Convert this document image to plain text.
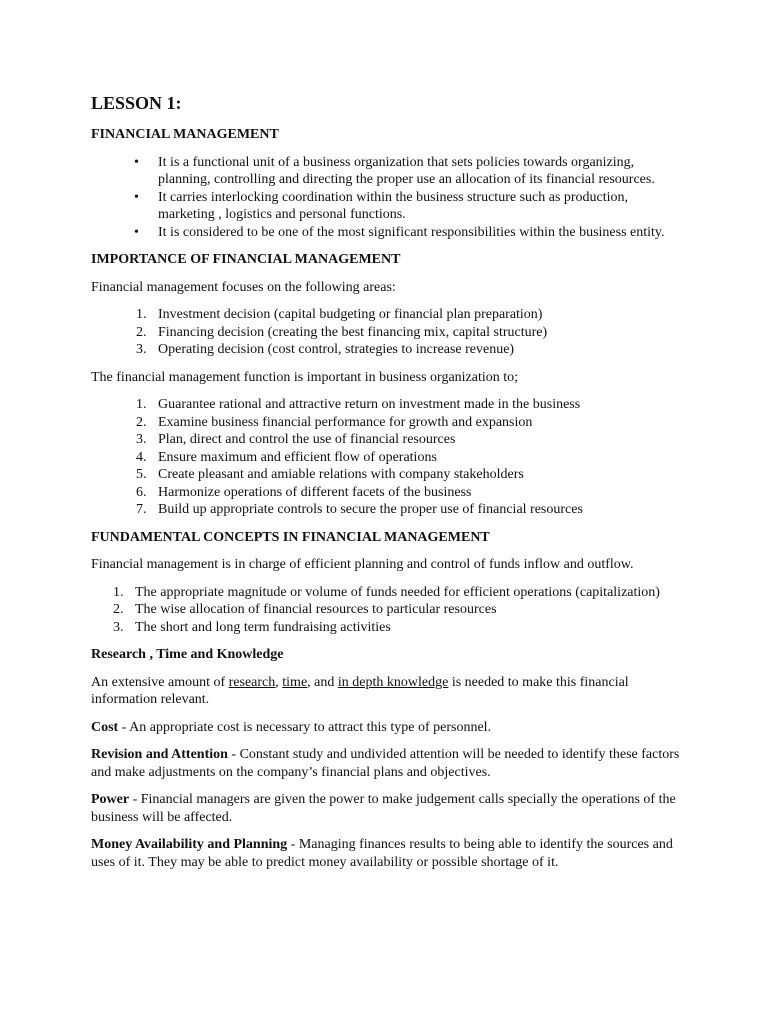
LESSON 1:
FINANCIAL MANAGEMENT
• It is a functional unit of a business organization that sets policies towards organizing, planning, controlling and directing the proper use an allocation of its financial resources.
• It carries interlocking coordination within the business structure such as production, marketing , logistics and personal functions.
• It is considered to be one of the most significant responsibilities within the business entity.
IMPORTANCE OF FINANCIAL MANAGEMENT

Financial management focuses on the following areas:

1. Investment decision (capital budgeting or financial plan preparation)
2. Financing decision (creating the best financing mix, capital structure)
3. Operating decision (cost control, strategies to increase revenue)

The financial management function is important in business organization to;

1. Guarantee rational and attractive return on investment made in the business
2. Examine business financial performance for growth and expansion
3. Plan, direct and control the use of financial resources
4. Ensure maximum and efficient flow of operations
5. Create pleasant and amiable relations with company stakeholders
6. Harmonize operations of different facets of the business
7. Build up appropriate controls to secure the proper use of financial resources
FUNDAMENTAL CONCEPTS IN FINANCIAL MANAGEMENT

Financial management is in charge of efficient planning and control of funds inflow and outflow.

1. The appropriate magnitude or volume of funds needed for efficient operations (capitalization)
2. The wise allocation of financial resources to particular resources
3. The short and long term fundraising activities
Research , Time and Knowledge

An extensive amount of research, time, and in depth knowledge is needed to make this financial information relevant.

Cost - An appropriate cost is necessary to attract this type of personnel.

Revision and Attention - Constant study and undivided attention will be needed to identify these factors and make adjustments on the company’s financial plans and objectives.

Power - Financial managers are given the power to make judgement calls specially the operations of the business will be affected.

Money Availability and Planning - Managing finances results to being able to identify the sources and uses of it. They may be able to predict money availability or possible shortage of it.
